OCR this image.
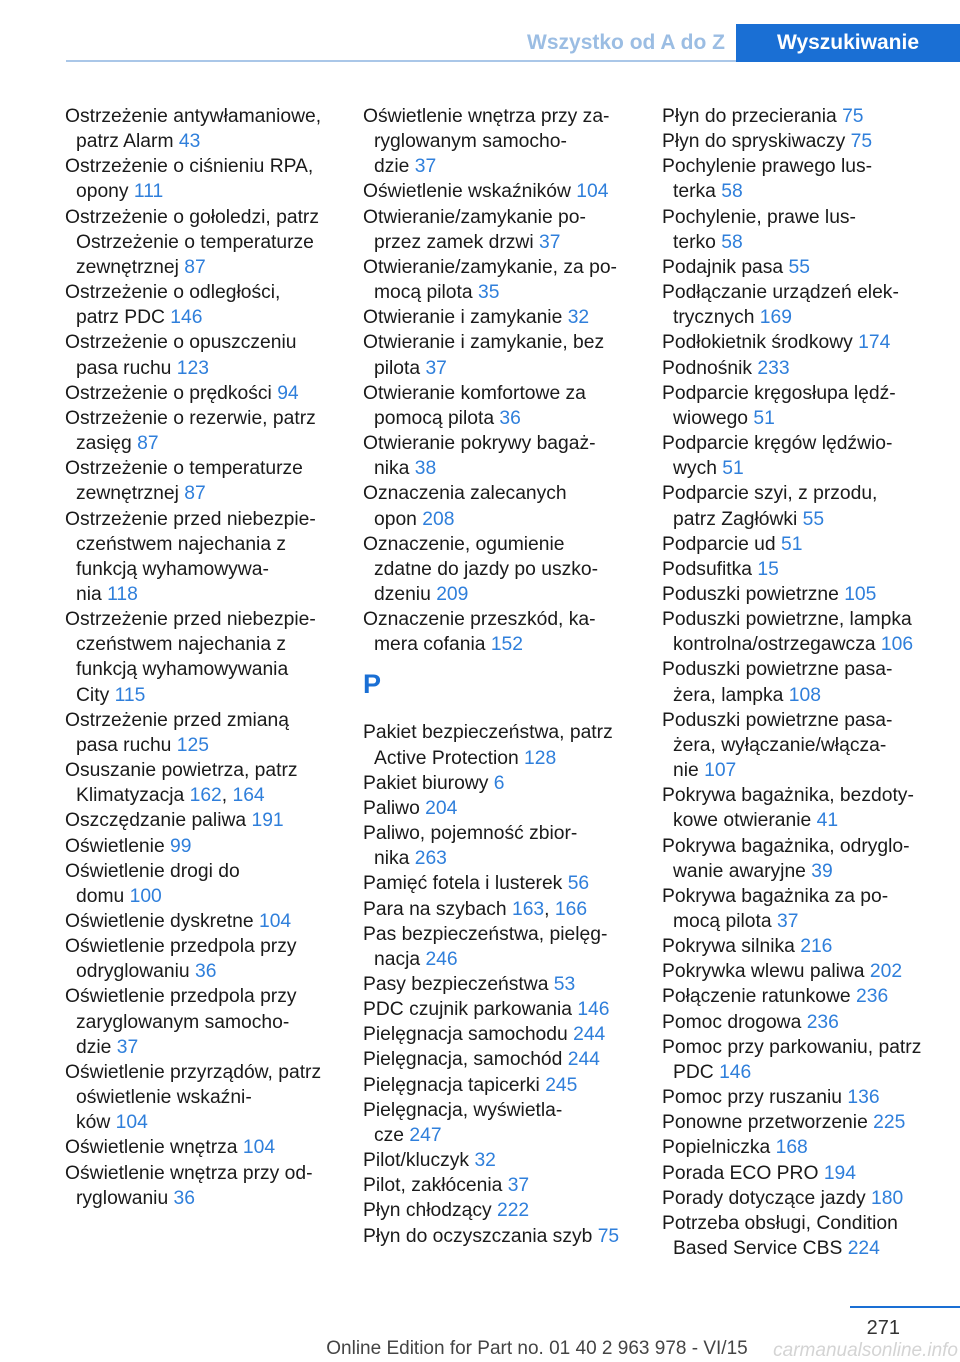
Wszystko od A do Z	Wyszukiwanie
Ostrzeżenie antywłamaniowe,
patrz Alarm 43
Ostrzeżenie o ciśnieniu RPA,
opony 111
Ostrzeżenie o gołoledzi, patrz
Ostrzeżenie o temperaturze
zewnętrznej 87
Ostrzeżenie o odległości,
patrz PDC 146
Ostrzeżenie o opuszczeniu
pasa ruchu 123
Ostrzeżenie o prędkości 94
Ostrzeżenie o rezerwie, patrz
zasięg 87
Ostrzeżenie o temperaturze
zewnętrznej 87
Ostrzeżenie przed niebezpie‐
czeństwem najechania z
funkcją wyhamowywa‐
nia 118
Ostrzeżenie przed niebezpie‐
czeństwem najechania z
funkcją wyhamowywania
City 115
Ostrzeżenie przed zmianą
pasa ruchu 125
Osuszanie powietrza, patrz
Klimatyzacja 162, 164
Oszczędzanie paliwa 191
Oświetlenie 99
Oświetlenie drogi do
domu 100
Oświetlenie dyskretne 104
Oświetlenie przedpola przy
odryglowaniu 36
Oświetlenie przedpola przy
zaryglowanym samocho‐
dzie 37
Oświetlenie przyrządów, patrz
oświetlenie wskaźni‐
ków 104
Oświetlenie wnętrza 104
Oświetlenie wnętrza przy od‐
ryglowaniu 36
Oświetlenie wnętrza przy za‐
ryglowanym samocho‐
dzie 37
Oświetlenie wskaźników 104
Otwieranie/zamykanie po‐
przez zamek drzwi 37
Otwieranie/zamykanie, za po‐
mocą pilota 35
Otwieranie i zamykanie 32
Otwieranie i zamykanie, bez
pilota 37
Otwieranie komfortowe za
pomocą pilota 36
Otwieranie pokrywy bagaż‐
nika 38
Oznaczenia zalecanych
opon 208
Oznaczenie, ogumienie
zdatne do jazdy po uszko‐
dzeniu 209
Oznaczenie przeszkód, ka‐
mera cofania 152
P
Pakiet bezpieczeństwa, patrz
Active Protection 128
Pakiet biurowy 6
Paliwo 204
Paliwo, pojemność zbior‐
nika 263
Pamięć fotela i lusterek 56
Para na szybach 163, 166
Pas bezpieczeństwa, pielęg‐
nacja 246
Pasy bezpieczeństwa 53
PDC czujnik parkowania 146
Pielęgnacja samochodu 244
Pielęgnacja, samochód 244
Pielęgnacja tapicerki 245
Pielęgnacja, wyświetla‐
cze 247
Pilot/kluczyk 32
Pilot, zakłócenia 37
Płyn chłodzący 222
Płyn do oczyszczania szyb 75
Płyn do przecierania 75
Płyn do spryskiwaczy 75
Pochylenie prawego lus‐
terka 58
Pochylenie, prawe lus‐
terko 58
Podajnik pasa 55
Podłączanie urządzeń elek‐
trycznych 169
Podłokietnik środkowy 174
Podnośnik 233
Podparcie kręgosłupa lędź‐
wiowego 51
Podparcie kręgów lędźwio‐
wych 51
Podparcie szyi, z przodu,
patrz Zagłówki 55
Podparcie ud 51
Podsufitka 15
Poduszki powietrzne 105
Poduszki powietrzne, lampka
kontrolna/ostrzegawcza 106
Poduszki powietrzne pasa‐
żera, lampka 108
Poduszki powietrzne pasa‐
żera, wyłączanie/włącza‐
nie 107
Pokrywa bagażnika, bezdoty‐
kowe otwieranie 41
Pokrywa bagażnika, odryglo‐
wanie awaryjne 39
Pokrywa bagażnika za po‐
mocą pilota 37
Pokrywa silnika 216
Pokrywka wlewu paliwa 202
Połączenie ratunkowe 236
Pomoc drogowa 236
Pomoc przy parkowaniu, patrz
PDC 146
Pomoc przy ruszaniu 136
Ponowne przetworzenie 225
Popielniczka 168
Porada ECO PRO 194
Porady dotyczące jazdy 180
Potrzeba obsługi, Condition
Based Service CBS 224
271
Online Edition for Part no. 01 40 2 963 978 - VI/15	carmanualsonline.info
